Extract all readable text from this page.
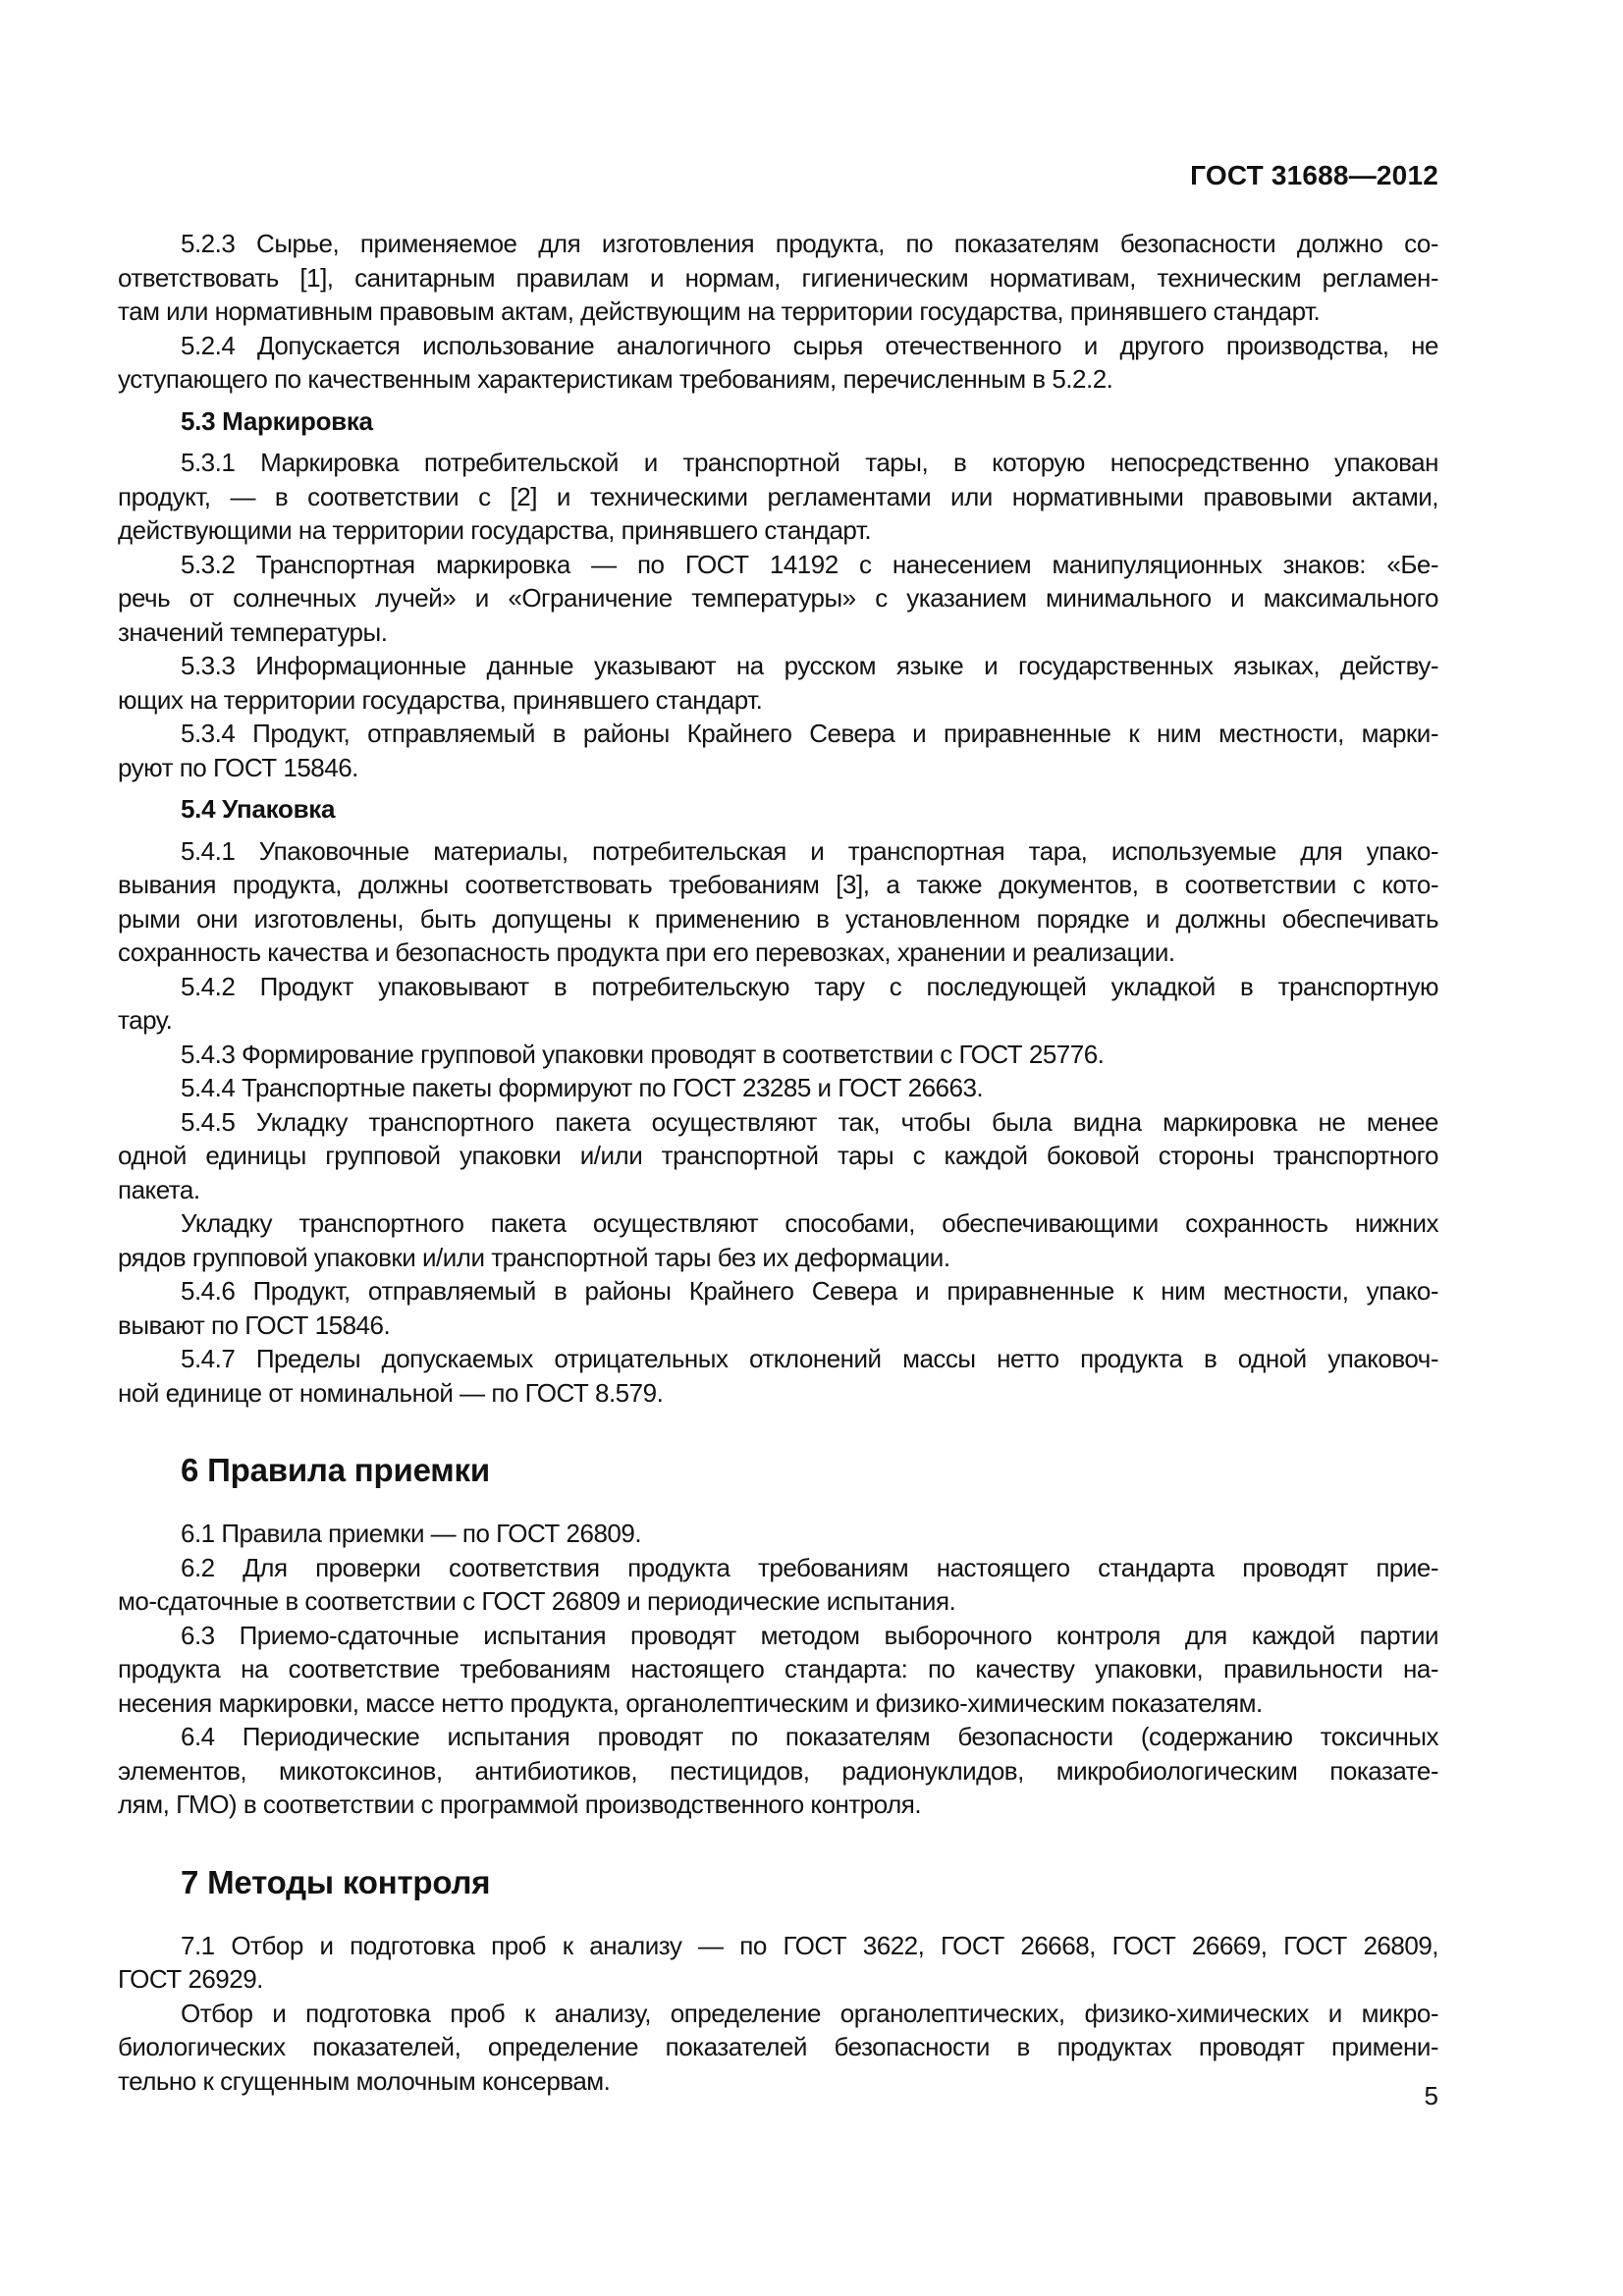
ГОСТ 31688—2012

5.2.3 Сырье, применяемое для изготовления продукта, по показателям безопасности должно со-
ответствовать [1], санитарным правилам и нормам, гигиеническим нормативам, техническим регламен-
там или нормативным правовым актам, действующим на территории государства, принявшего стандарт.

5.2.4 Допускается использование аналогичного сырья отечественного и другого производства, не
уступающего по качественным характеристикам требованиям, перечисленным в 5.2.2.

5.3 Маркировка

5.3.1 Маркировка потребительской и транспортной тары, в которую непосредственно упакован
продукт, — в соответствии с [2] и техническими регламентами или нормативными правовыми актами,
действующими на территории государства, принявшего стандарт.

5.3.2 Транспортная маркировка — по ГОСТ 14192 с нанесением манипуляционных знаков: «Бе-
речь от солнечных лучей» и «Ограничение температуры» с указанием минимального и максимального
значений температуры.

5.3.3 Информационные данные указывают на русском языке и государственных языках, действу-
ющих на территории государства, принявшего стандарт.

5.3.4 Продукт, отправляемый в районы Крайнего Севера и приравненные к ним местности, марки-
руют по ГОСТ 15846.

5.4 Упаковка

5.4.1 Упаковочные материалы, потребительская и транспортная тара, используемые для упако-
вывания продукта, должны соответствовать требованиям [3], а также документов, в соответствии с кото-
рыми они изготовлены, быть допущены к применению в установленном порядке и должны обеспечивать
сохранность качества и безопасность продукта при его перевозках, хранении и реализации.

5.4.2 Продукт упаковывают в потребительскую тару с последующей укладкой в транспортную
тару.

5.4.3 Формирование групповой упаковки проводят в соответствии с ГОСТ 25776.

5.4.4 Транспортные пакеты формируют по ГОСТ 23285 и ГОСТ 26663.

5.4.5 Укладку транспортного пакета осуществляют так, чтобы была видна маркировка не менее
одной единицы групповой упаковки и/или транспортной тары с каждой боковой стороны транспортного
пакета.

Укладку транспортного пакета осуществляют способами, обеспечивающими сохранность нижних
рядов групповой упаковки и/или транспортной тары без их деформации.

5.4.6 Продукт, отправляемый в районы Крайнего Севера и приравненные к ним местности, упако-
вывают по ГОСТ 15846.

5.4.7 Пределы допускаемых отрицательных отклонений массы нетто продукта в одной упаковоч-
ной единице от номинальной — по ГОСТ 8.579.

6 Правила приемки

6.1 Правила приемки — по ГОСТ 26809.

6.2 Для проверки соответствия продукта требованиям настоящего стандарта проводят прие-
мо-сдаточные в соответствии с ГОСТ 26809 и периодические испытания.

6.3 Приемо-сдаточные испытания проводят методом выборочного контроля для каждой партии
продукта на соответствие требованиям настоящего стандарта: по качеству упаковки, правильности на-
несения маркировки, массе нетто продукта, органолептическим и физико-химическим показателям.

6.4 Периодические испытания проводят по показателям безопасности (содержанию токсичных
элементов, микотоксинов, антибиотиков, пестицидов, радионуклидов, микробиологическим показате-
лям, ГМО) в соответствии с программой производственного контроля.

7 Методы контроля

7.1 Отбор и подготовка проб к анализу — по ГОСТ 3622, ГОСТ 26668, ГОСТ 26669, ГОСТ 26809,
ГОСТ 26929.

Отбор и подготовка проб к анализу, определение органолептических, физико-химических и микро-
биологических показателей, определение показателей безопасности в продуктах проводят примени-
тельно к сгущенным молочным консервам.

5
